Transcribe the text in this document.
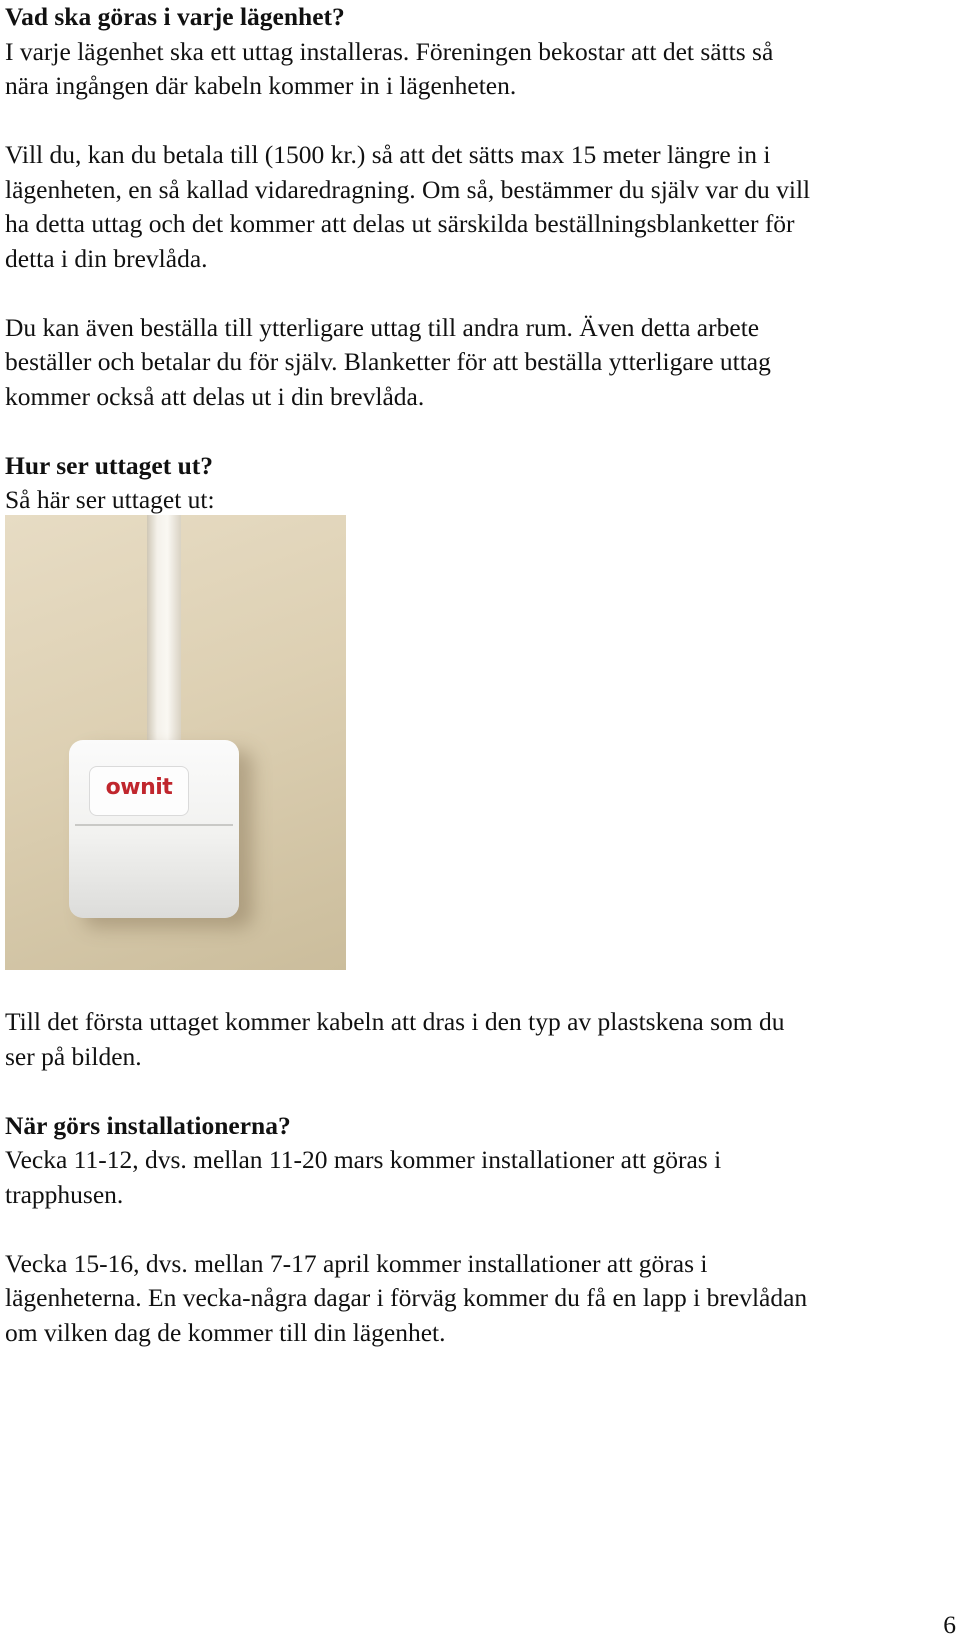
Vad ska göras i varje lägenhet?

I varje lägenhet ska ett uttag installeras. Föreningen bekostar att det sätts så

nära ingången där kabeln kommer in i lägenheten.

Vill du, kan du betala till (1500 kr.) så att det sätts max 15 meter längre in i

lägenheten, en så kallad vidaredragning. Om så, bestämmer du själv var du vill

ha detta uttag och det kommer att delas ut särskilda beställningsblanketter för

detta i din brevlåda.

Du kan även beställa till ytterligare uttag till andra rum. Även detta arbete

beställer och betalar du för själv. Blanketter för att beställa ytterligare uttag

kommer också att delas ut i din brevlåda.

Hur ser uttaget ut?

Så här ser uttaget ut:

ownit

Till det första uttaget kommer kabeln att dras i den typ av plastskena som du

ser på bilden.

När görs installationerna?

Vecka 11-12, dvs. mellan 11-20 mars kommer installationer att göras i

trapphusen.

Vecka 15-16, dvs. mellan 7-17 april kommer installationer att göras i

lägenheterna. En vecka-några dagar i förväg kommer du få en lapp i brevlådan

om vilken dag de kommer till din lägenhet.

6
